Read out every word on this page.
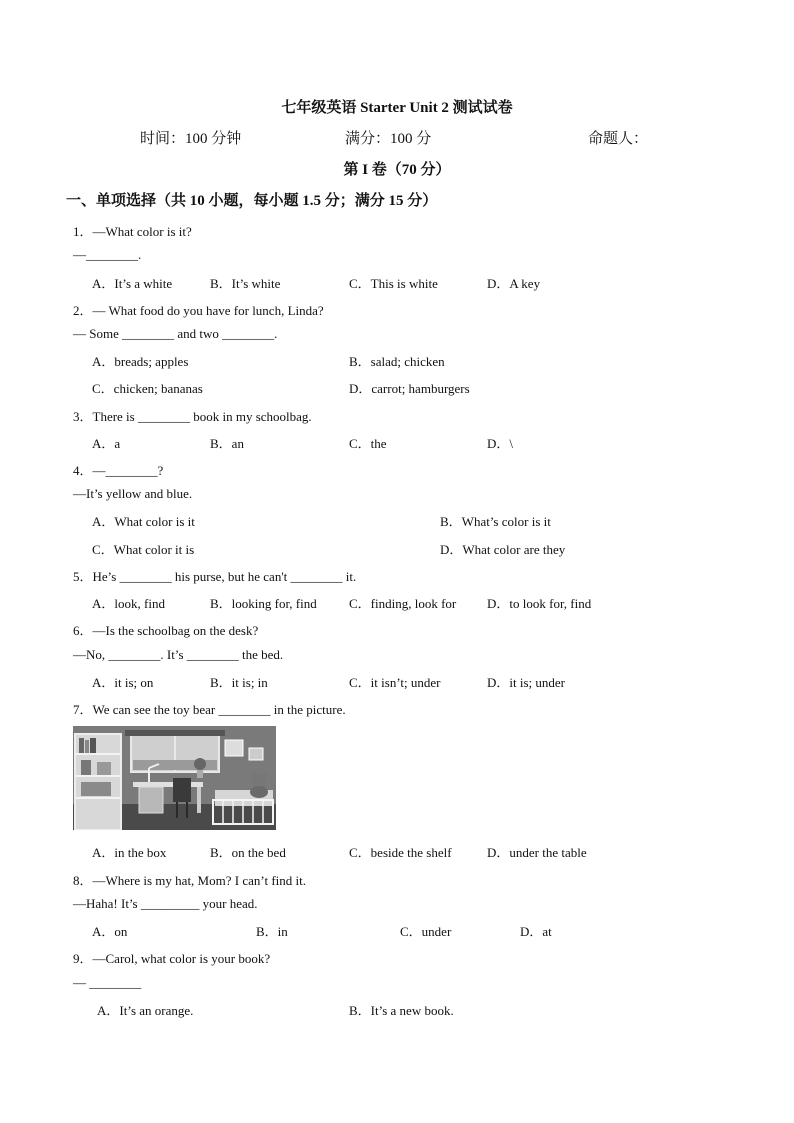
七年级英语 Starter Unit 2 测试试卷
时间：100 分钟	满分：100 分	命题人：
第 I 卷（70 分）
一、单项选择（共 10 小题，每小题 1.5 分；满分 15 分）
1．—What color is it?
—________.
A．It’s a white	B．It’s white	C．This is white	D．A key
2．— What food do you have for lunch, Linda?
— Some ________ and two ________.
A．breads; apples	B．salad; chicken
C．chicken; bananas	D．carrot; hamburgers
3．There is ________ book in my schoolbag.
A．a	B．an	C．the	D．\
4．—________?
—It’s yellow and blue.
A．What color is it	B．What’s color is it
C．What color it is	D．What color are they
5．He’s ________ his purse, but he can't ________ it.
A．look, find	B．looking for, find C．finding, look for D．to look for, find
6．—Is the schoolbag on the desk?
—No, ________. It’s ________ the bed.
A．it is; on	B．it is; in	C．it isn’t; under	D．it is; under
7．We can see the toy bear ________ in the picture.
A．in the box	B．on the bed	C．beside the shelf	D．under the table
8．—Where is my hat, Mom? I can’t find it.
—Haha! It’s _________ your head.
A．on	B．in	C．under	D．at
9．—Carol, what color is your book?
— ________
A．It’s an orange.	B．It’s a new book.
